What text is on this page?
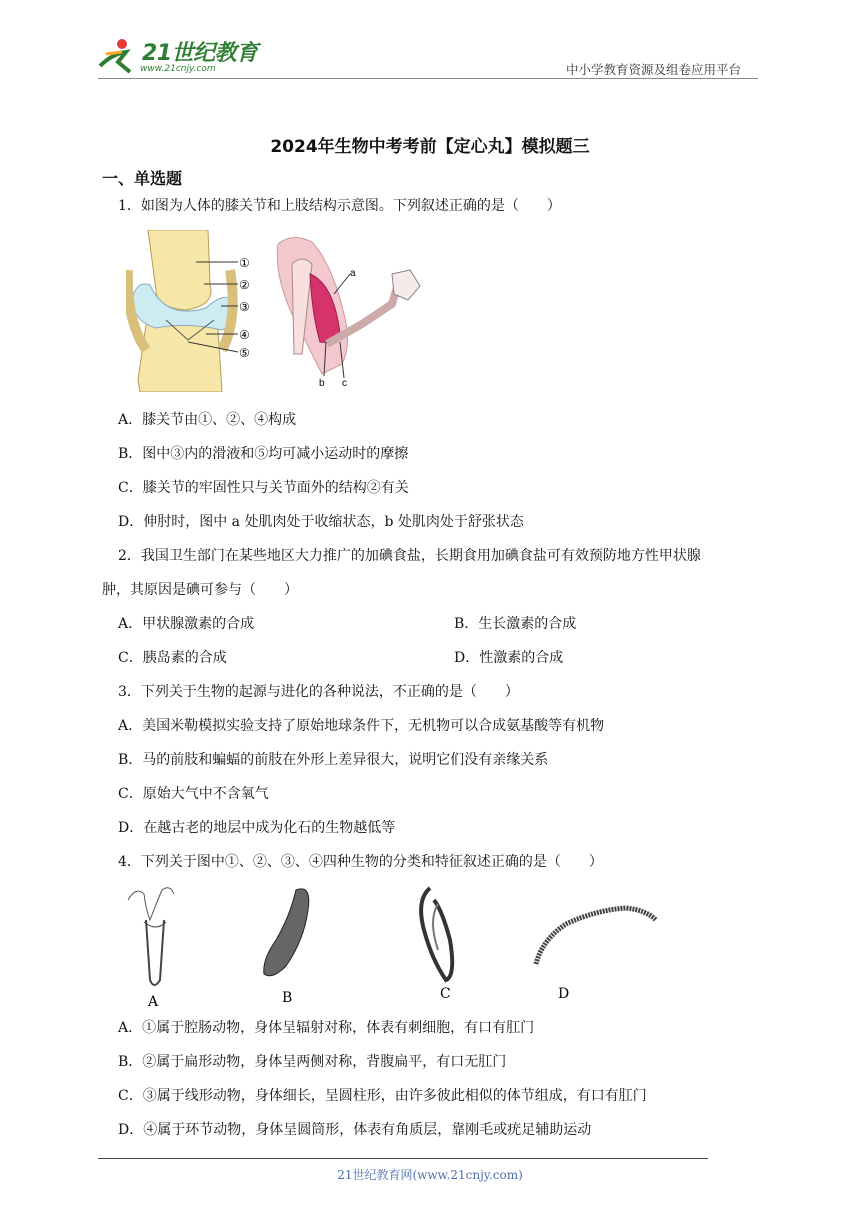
21世纪教育
www.21cnjy.com	中小学教育资源及组卷应用平台
2024年生物中考考前【定心丸】模拟题三
一、单选题
1．如图为人体的膝关节和上肢结构示意图。下列叙述正确的是（　　）
①
②
③
④
⑤
a
b c
A．膝关节由①、②、④构成
B．图中③内的滑液和⑤均可减小运动时的摩擦
C．膝关节的牢固性只与关节面外的结构②有关
D．伸肘时，图中 a 处肌肉处于收缩状态，b 处肌肉处于舒张状态
2．我国卫生部门在某些地区大力推广的加碘食盐，长期食用加碘食盐可有效预防地方性甲状腺
肿，其原因是碘可参与（　　）
A．甲状腺激素的合成	B．生长激素的合成
C．胰岛素的合成	D．性激素的合成
3．下列关于生物的起源与进化的各种说法，不正确的是（　　）
A．美国米勒模拟实验支持了原始地球条件下，无机物可以合成氨基酸等有机物
B．马的前肢和蝙蝠的前肢在外形上差异很大，说明它们没有亲缘关系
C．原始大气中不含氧气
D．在越古老的地层中成为化石的生物越低等
4．下列关于图中①、②、③、④四种生物的分类和特征叙述正确的是（　　）
A	B	C	D
A．①属于腔肠动物，身体呈辐射对称，体表有刺细胞，有口有肛门
B．②属于扁形动物，身体呈两侧对称，背腹扁平，有口无肛门
C．③属于线形动物，身体细长，呈圆柱形，由许多彼此相似的体节组成，有口有肛门
D．④属于环节动物，身体呈圆筒形，体表有角质层，靠刚毛或疣足辅助运动
21世纪教育网(www.21cnjy.com)
